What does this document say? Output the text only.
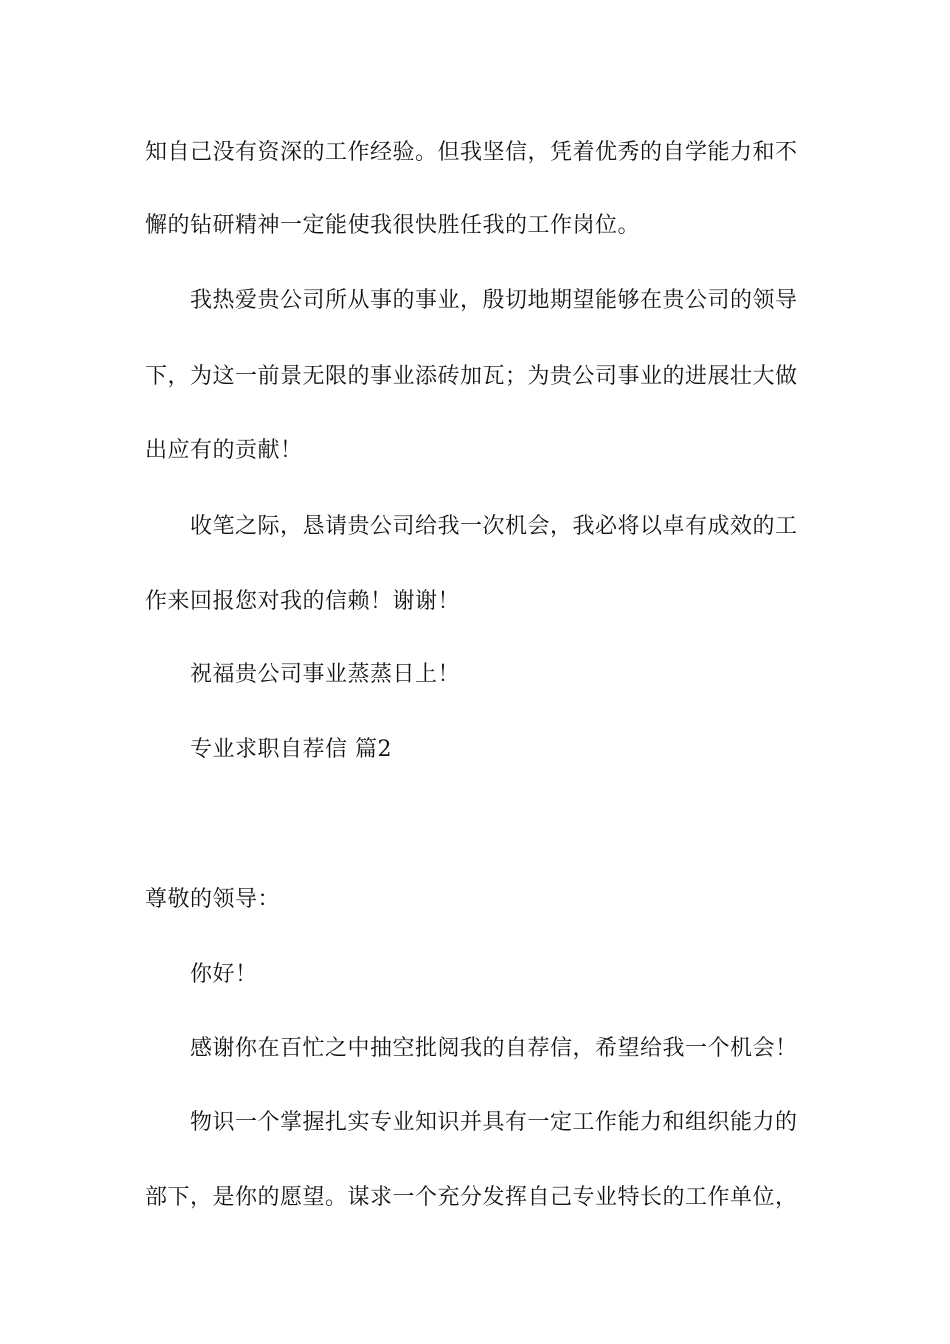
知自己没有资深的工作经验。但我坚信，凭着优秀的自学能力和不
懈的钻研精神一定能使我很快胜任我的工作岗位。
我热爱贵公司所从事的事业，殷切地期望能够在贵公司的领导
下，为这一前景无限的事业添砖加瓦；为贵公司事业的进展壮大做
出应有的贡献！
收笔之际，恳请贵公司给我一次机会，我必将以卓有成效的工
作来回报您对我的信赖！谢谢！
祝福贵公司事业蒸蒸日上！
专业求职自荐信 篇2
尊敬的领导：
你好！
感谢你在百忙之中抽空批阅我的自荐信，希望给我一个机会！
物识一个掌握扎实专业知识并具有一定工作能力和组织能力的
部下，是你的愿望。谋求一个充分发挥自己专业特长的工作单位，
